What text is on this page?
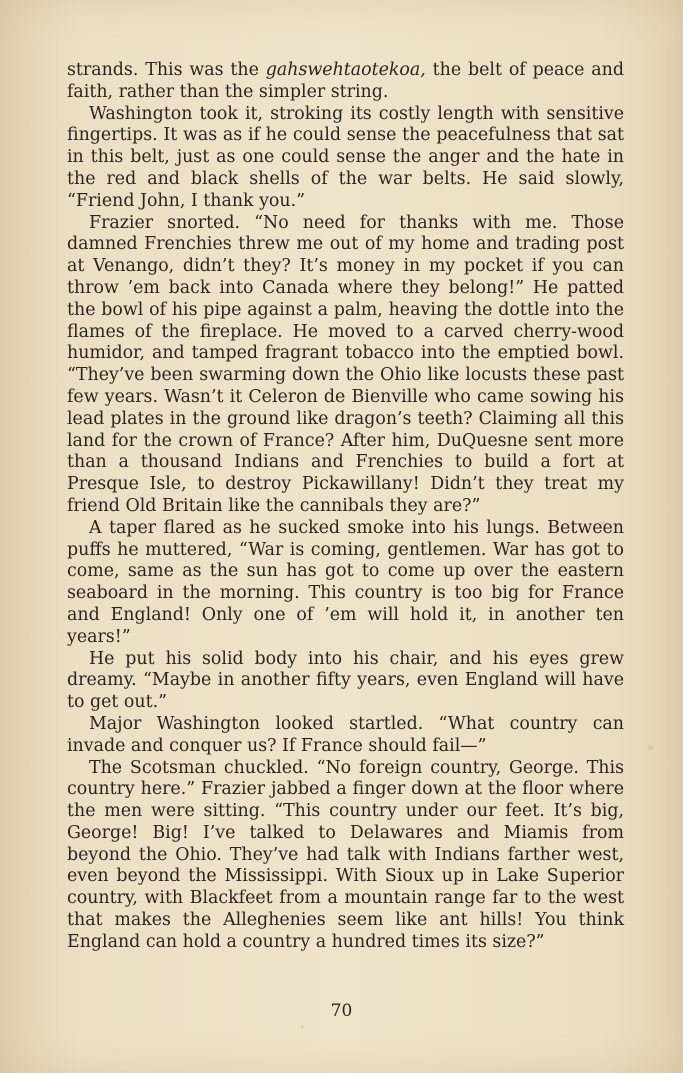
strands. This was the gahswehtaotekoa, the belt of peace and faith, rather than the simpler string.

Washington took it, stroking its costly length with sensitive fingertips. It was as if he could sense the peacefulness that sat in this belt, just as one could sense the anger and the hate in the red and black shells of the war belts. He said slowly, “Friend John, I thank you.”

Frazier snorted. “No need for thanks with me. Those damned Frenchies threw me out of my home and trading post at Venango, didn’t they? It’s money in my pocket if you can throw ’em back into Canada where they belong!” He patted the bowl of his pipe against a palm, heaving the dottle into the flames of the fireplace. He moved to a carved cherry-wood humidor, and tamped fragrant tobacco into the emptied bowl. “They’ve been swarming down the Ohio like locusts these past few years. Wasn’t it Celeron de Bienville who came sowing his lead plates in the ground like dragon’s teeth? Claiming all this land for the crown of France? After him, DuQuesne sent more than a thousand Indians and Frenchies to build a fort at Presque Isle, to destroy Pickawillany! Didn’t they treat my friend Old Britain like the cannibals they are?”

A taper flared as he sucked smoke into his lungs. Between puffs he muttered, “War is coming, gentlemen. War has got to come, same as the sun has got to come up over the eastern seaboard in the morning. This country is too big for France and England! Only one of ’em will hold it, in another ten years!”

He put his solid body into his chair, and his eyes grew dreamy. “Maybe in another fifty years, even England will have to get out.”

Major Washington looked startled. “What country can invade and conquer us? If France should fail—”

The Scotsman chuckled. “No foreign country, George. This country here.” Frazier jabbed a finger down at the floor where the men were sitting. “This country under our feet. It’s big, George! Big! I’ve talked to Delawares and Miamis from beyond the Ohio. They’ve had talk with Indians farther west, even beyond the Mississippi. With Sioux up in Lake Superior country, with Blackfeet from a mountain range far to the west that makes the Alleghenies seem like ant hills! You think England can hold a country a hundred times its size?”

70
